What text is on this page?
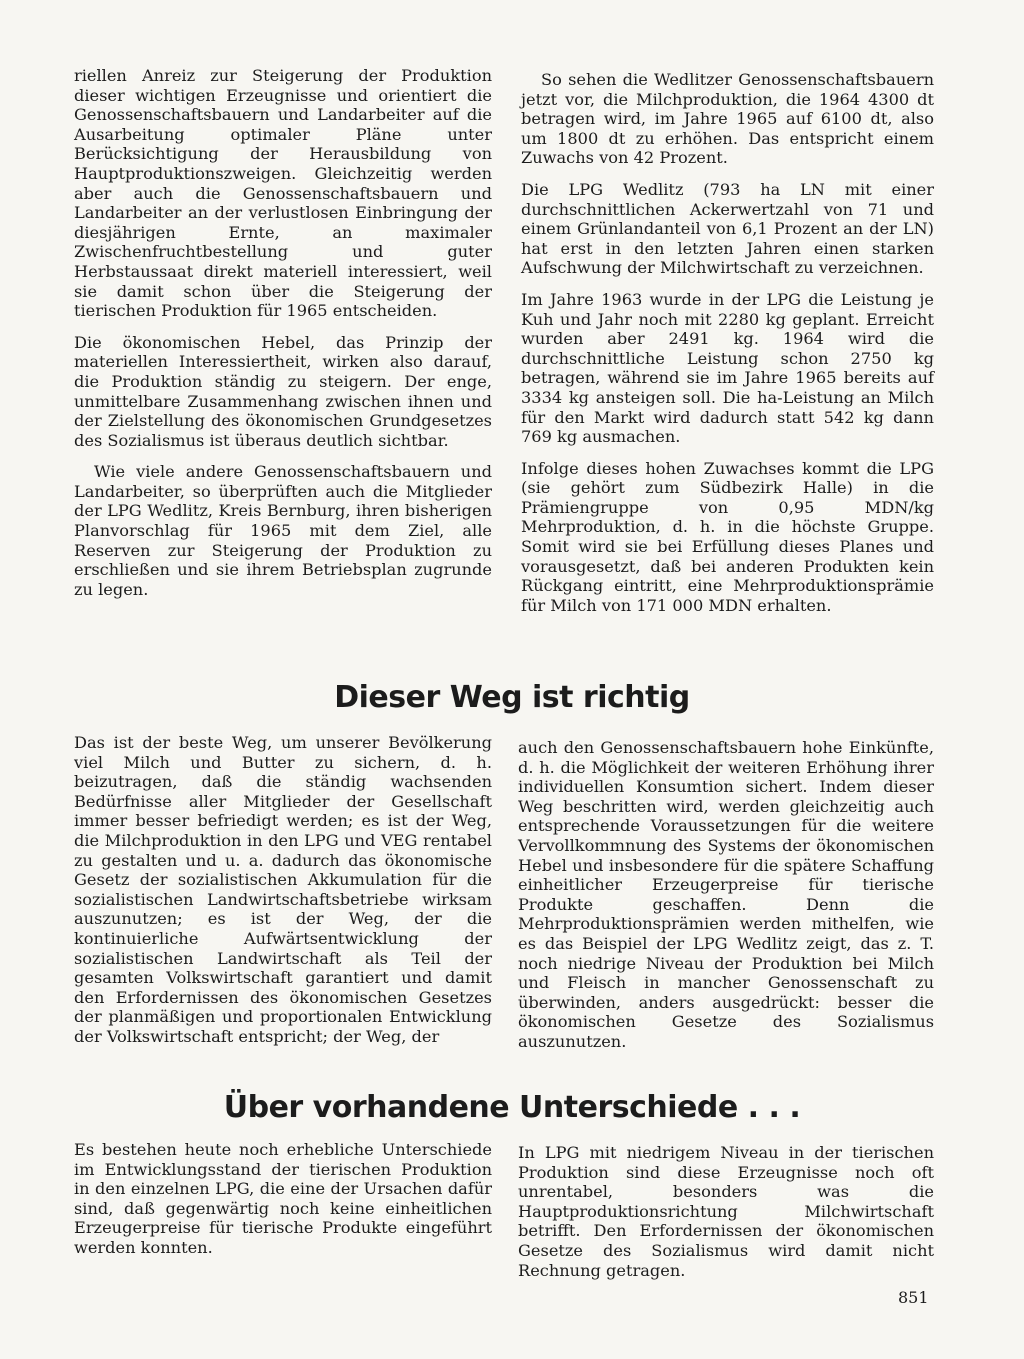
riellen Anreiz zur Steigerung der Produktion dieser wichtigen Erzeugnisse und orientiert die Genossenschaftsbauern und Landarbeiter auf die Ausarbeitung optimaler Pläne unter Berücksichtigung der Herausbildung von Hauptproduktionszweigen. Gleichzeitig werden aber auch die Genossenschaftsbauern und Landarbeiter an der verlustlosen Einbringung der diesjährigen Ernte, an maximaler Zwischenfruchtbestellung und guter Herbstaussaat direkt materiell interessiert, weil sie damit schon über die Steigerung der tierischen Produktion für 1965 entscheiden.

Die ökonomischen Hebel, das Prinzip der materiellen Interessiertheit, wirken also darauf, die Produktion ständig zu steigern. Der enge, unmittelbare Zusammenhang zwischen ihnen und der Zielstellung des ökonomischen Grundgesetzes des Sozialismus ist überaus deutlich sichtbar.

Wie viele andere Genossenschaftsbauern und Landarbeiter, so überprüften auch die Mitglieder der LPG Wedlitz, Kreis Bernburg, ihren bisherigen Planvorschlag für 1965 mit dem Ziel, alle Reserven zur Steigerung der Produktion zu erschließen und sie ihrem Betriebsplan zugrunde zu legen.

So sehen die Wedlitzer Genossenschaftsbauern jetzt vor, die Milchproduktion, die 1964 4300 dt betragen wird, im Jahre 1965 auf 6100 dt, also um 1800 dt zu erhöhen. Das entspricht einem Zuwachs von 42 Prozent.

Die LPG Wedlitz (793 ha LN mit einer durchschnittlichen Ackerwertzahl von 71 und einem Grünlandanteil von 6,1 Prozent an der LN) hat erst in den letzten Jahren einen starken Aufschwung der Milchwirtschaft zu verzeichnen.

Im Jahre 1963 wurde in der LPG die Leistung je Kuh und Jahr noch mit 2280 kg geplant. Erreicht wurden aber 2491 kg. 1964 wird die durchschnittliche Leistung schon 2750 kg betragen, während sie im Jahre 1965 bereits auf 3334 kg ansteigen soll. Die ha-Leistung an Milch für den Markt wird dadurch statt 542 kg dann 769 kg ausmachen.

Infolge dieses hohen Zuwachses kommt die LPG (sie gehört zum Südbezirk Halle) in die Prämiengruppe von 0,95 MDN/kg Mehrproduktion, d. h. in die höchste Gruppe. Somit wird sie bei Erfüllung dieses Planes und vorausgesetzt, daß bei anderen Produkten kein Rückgang eintritt, eine Mehrproduktionsprämie für Milch von 171 000 MDN erhalten.

Dieser Weg ist richtig

Das ist der beste Weg, um unserer Bevölkerung viel Milch und Butter zu sichern, d. h. beizutragen, daß die ständig wachsenden Bedürfnisse aller Mitglieder der Gesellschaft immer besser befriedigt werden; es ist der Weg, die Milchproduktion in den LPG und VEG rentabel zu gestalten und u. a. dadurch das ökonomische Gesetz der sozialistischen Akkumulation für die sozialistischen Landwirtschaftsbetriebe wirksam auszunutzen; es ist der Weg, der die kontinuierliche Aufwärtsentwicklung der sozialistischen Landwirtschaft als Teil der gesamten Volkswirtschaft garantiert und damit den Erfordernissen des ökonomischen Gesetzes der planmäßigen und proportionalen Entwicklung der Volkswirtschaft entspricht; der Weg, der

auch den Genossenschaftsbauern hohe Einkünfte, d. h. die Möglichkeit der weiteren Erhöhung ihrer individuellen Konsumtion sichert. Indem dieser Weg beschritten wird, werden gleichzeitig auch entsprechende Voraussetzungen für die weitere Vervollkommnung des Systems der ökonomischen Hebel und insbesondere für die spätere Schaffung einheitlicher Erzeugerpreise für tierische Produkte geschaffen. Denn die Mehrproduktionsprämien werden mithelfen, wie es das Beispiel der LPG Wedlitz zeigt, das z. T. noch niedrige Niveau der Produktion bei Milch und Fleisch in mancher Genossenschaft zu überwinden, anders ausgedrückt: besser die ökonomischen Gesetze des Sozialismus auszunutzen.

Über vorhandene Unterschiede . . .

Es bestehen heute noch erhebliche Unterschiede im Entwicklungsstand der tierischen Produktion in den einzelnen LPG, die eine der Ursachen dafür sind, daß gegenwärtig noch keine einheitlichen Erzeugerpreise für tierische Produkte eingeführt werden konnten.

In LPG mit niedrigem Niveau in der tierischen Produktion sind diese Erzeugnisse noch oft unrentabel, besonders was die Hauptproduktionsrichtung Milchwirtschaft betrifft. Den Erfordernissen der ökonomischen Gesetze des Sozialismus wird damit nicht Rechnung getragen.

851
